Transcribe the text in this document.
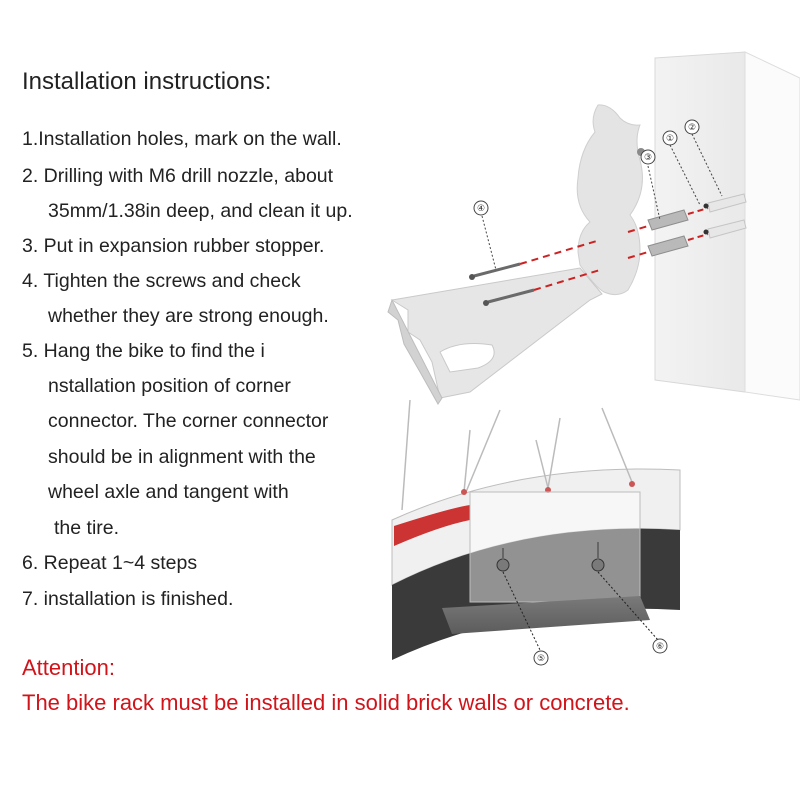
Installation instructions:
1.Installation holes, mark on the wall.
2. Drilling with M6 drill nozzle, about
35mm/1.38in deep, and clean it up.
3. Put in expansion rubber stopper.
4. Tighten the screws and check
whether they are strong enough.
5. Hang the bike to find the i
nstallation position of corner
connector. The corner connector
should be in alignment with the
wheel axle and tangent with
the tire.
6. Repeat 1~4 steps
7. installation is finished.
Attention:
The bike rack must be installed in solid brick walls or concrete.
①
②
③
④
⑤
⑥
